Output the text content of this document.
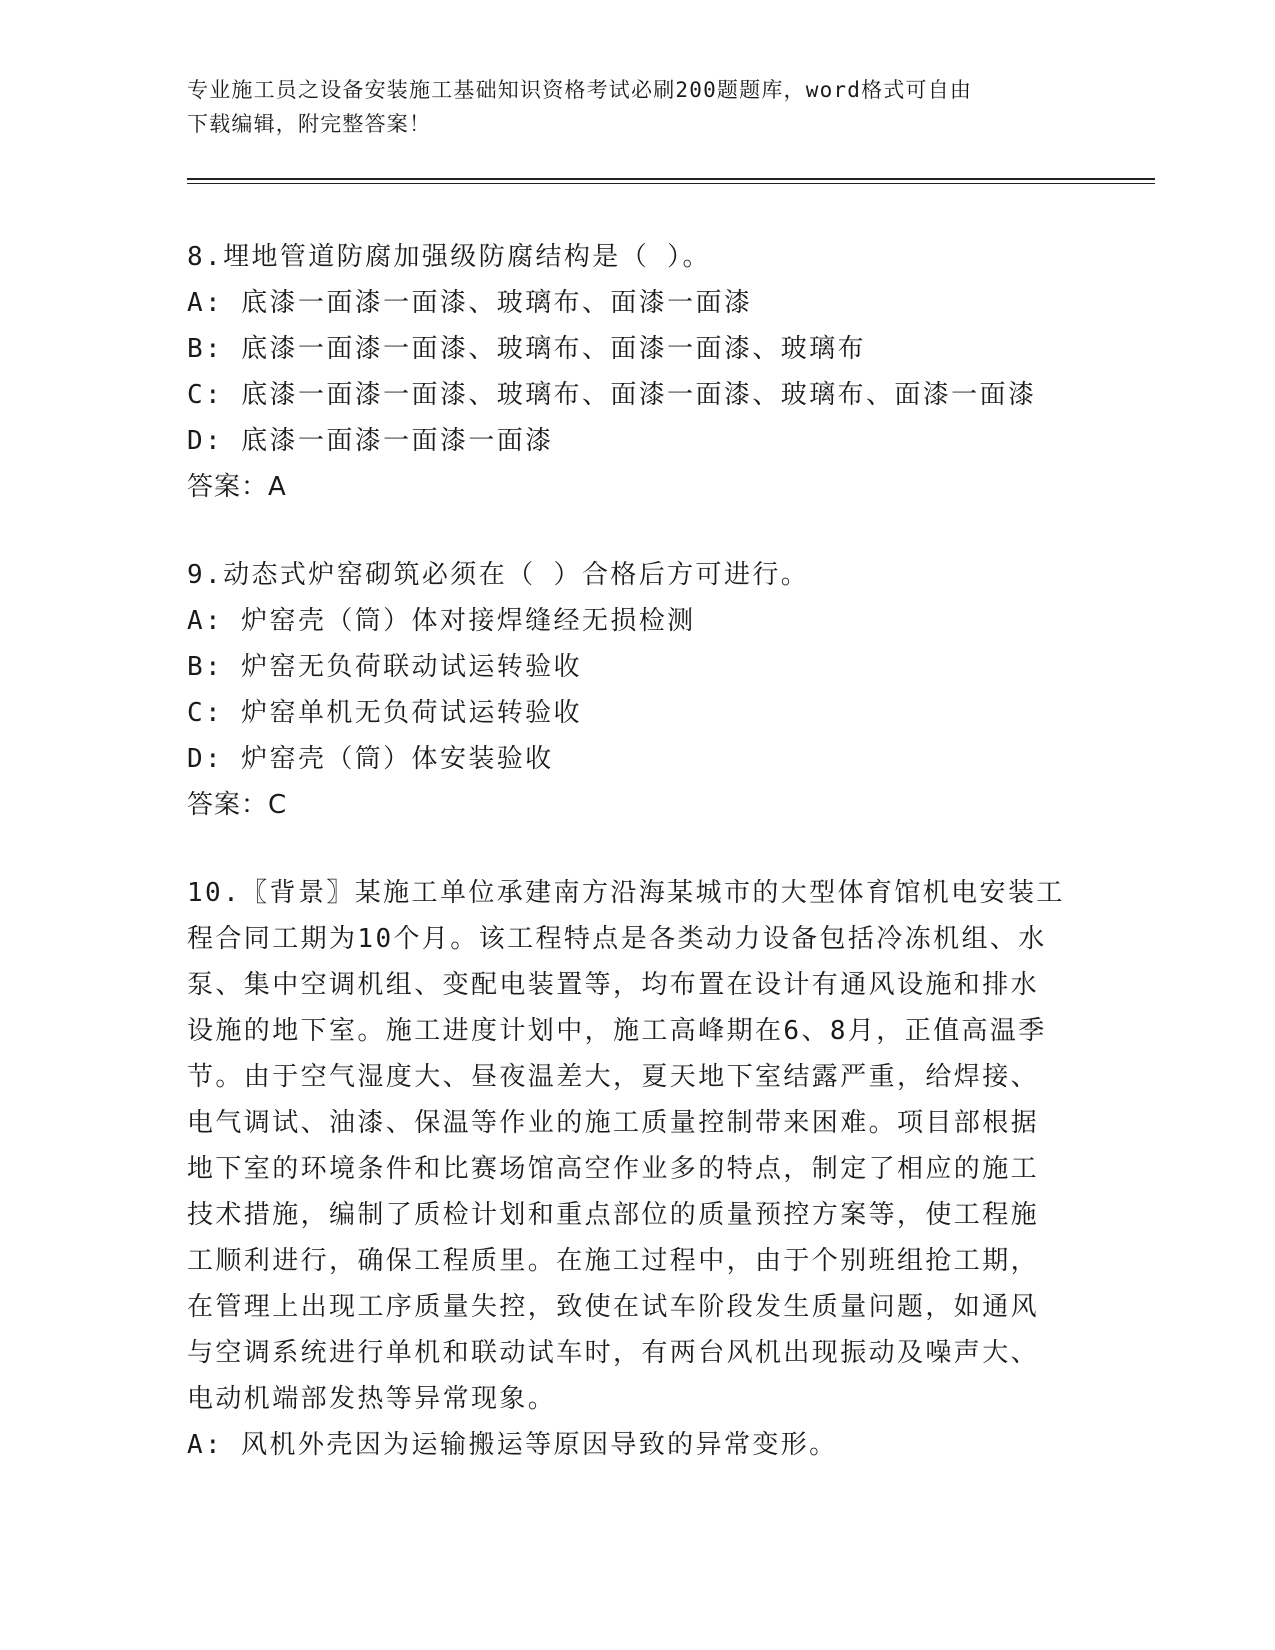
专业施工员之设备安装施工基础知识资格考试必刷200题题库，word格式可自由
下载编辑，附完整答案！
8.埋地管道防腐加强级防腐结构是（ ）。
A: 底漆一面漆一面漆、玻璃布、面漆一面漆
B: 底漆一面漆一面漆、玻璃布、面漆一面漆、玻璃布
C: 底漆一面漆一面漆、玻璃布、面漆一面漆、玻璃布、面漆一面漆
D: 底漆一面漆一面漆一面漆
答案：A
9.动态式炉窑砌筑必须在（ ）合格后方可进行。
A: 炉窑壳（筒）体对接焊缝经无损检测
B: 炉窑无负荷联动试运转验收
C: 炉窑单机无负荷试运转验收
D: 炉窑壳（筒）体安装验收
答案：C
10.〖背景〗某施工单位承建南方沿海某城市的大型体育馆机电安装工
程合同工期为10个月。该工程特点是各类动力设备包括冷冻机组、水
泵、集中空调机组、变配电装置等，均布置在设计有通风设施和排水
设施的地下室。施工进度计划中，施工高峰期在6、8月，正值高温季
节。由于空气湿度大、昼夜温差大，夏天地下室结露严重，给焊接、
电气调试、油漆、保温等作业的施工质量控制带来困难。项目部根据
地下室的环境条件和比赛场馆高空作业多的特点，制定了相应的施工
技术措施，编制了质检计划和重点部位的质量预控方案等，使工程施
工顺利进行，确保工程质里。在施工过程中，由于个别班组抢工期，
在管理上出现工序质量失控，致使在试车阶段发生质量问题，如通风
与空调系统进行单机和联动试车时，有两台风机出现振动及噪声大、
电动机端部发热等异常现象。
A: 风机外壳因为运输搬运等原因导致的异常变形。
